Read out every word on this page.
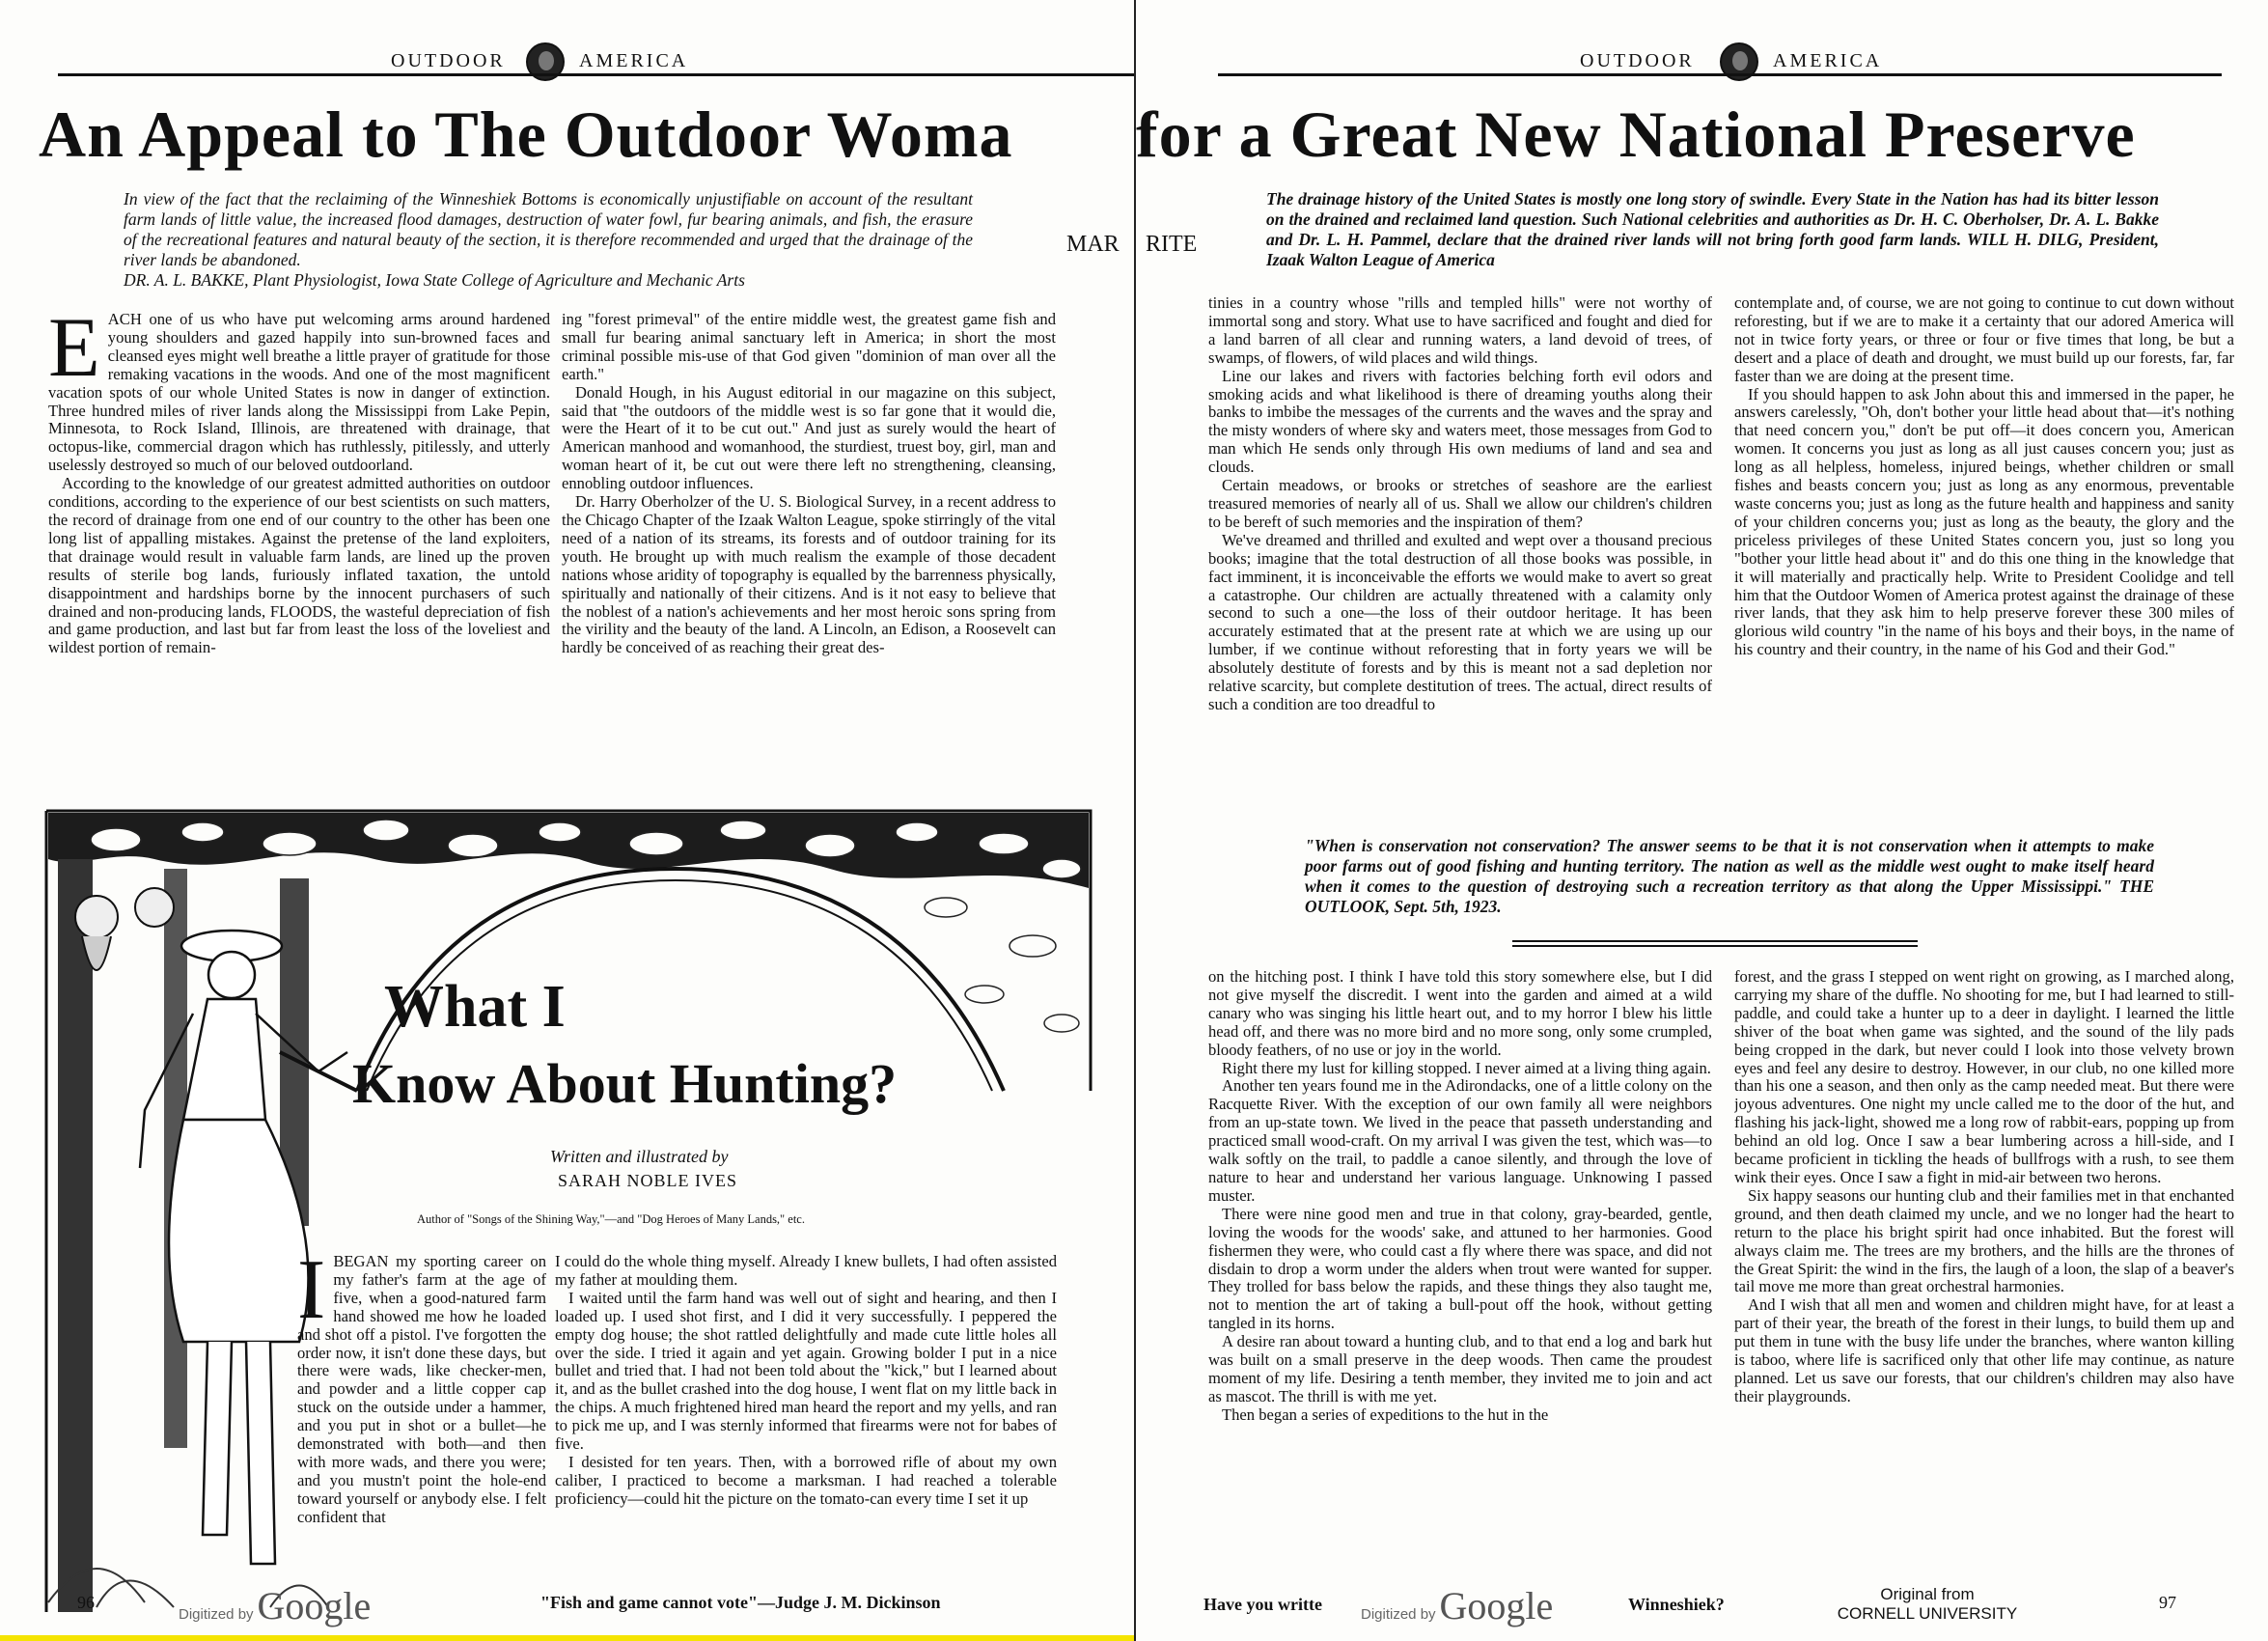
OUTDOOR	AMERICA
An Appeal to The Outdoor Woma
In view of the fact that the reclaiming of the Winneshiek Bottoms is economically unjustifiable on account of the resultant farm lands of little value, the increased flood damages, destruction of water fowl, fur bearing animals, and fish, the erasure of the recreational features and natural beauty of the section, it is therefore recommended and urged that the drainage of the river lands be abandoned.
DR. A. L. BAKKE, Plant Physiologist, Iowa State College of Agriculture and Mechanic Arts
E ACH one of us who have put welcoming arms around hardened young shoulders and gazed happily into sun-browned faces and cleansed eyes might well breathe a little prayer of gratitude for those remaking vacations in the woods. And one of the most magnificent vacation spots of our whole United States is now in danger of extinction. Three hundred miles of river lands along the Mississippi from Lake Pepin, Minnesota, to Rock Island, Illinois, are threatened with drainage, that octopus-like, commercial dragon which has ruthlessly, pitilessly, and utterly uselessly destroyed so much of our beloved outdoorland.

According to the knowledge of our greatest admitted authorities on outdoor conditions, according to the experience of our best scientists on such matters, the record of drainage from one end of our country to the other has been one long list of appalling mistakes. Against the pretense of the land exploiters, that drainage would result in valuable farm lands, are lined up the proven results of sterile bog lands, furiously inflated taxation, the untold disappointment and hardships borne by the innocent purchasers of such drained and non-producing lands, FLOODS, the wasteful depreciation of fish and game production, and last but far from least the loss of the loveliest and wildest portion of remain-

ing "forest primeval" of the entire middle west, the greatest game fish and small fur bearing animal sanctuary left in America; in short the most criminal possible mis-use of that God given "dominion of man over all the earth."

Donald Hough, in his August editorial in our magazine on this subject, said that "the outdoors of the middle west is so far gone that it would die, were the Heart of it to be cut out." And just as surely would the heart of American manhood and womanhood, the sturdiest, truest boy, girl, man and woman heart of it, be cut out were there left no strengthening, cleansing, ennobling outdoor influences.

Dr. Harry Oberholzer of the U. S. Biological Survey, in a recent address to the Chicago Chapter of the Izaak Walton League, spoke stirringly of the vital need of a nation of its streams, its forests and of outdoor training for its youth. He brought up with much realism the example of those decadent nations whose aridity of topography is equalled by the barrenness physically, spiritually and nationally of their citizens. And is it not easy to believe that the noblest of a nation's achievements and her most heroic sons spring from the virility and the beauty of the land. A Lincoln, an Edison, a Roosevelt can hardly be conceived of as reaching their great des-

What I
Know About Hunting?
Written and illustrated by
SARAH NOBLE IVES
Author of "Songs of the Shining Way,"—and "Dog Heroes of Many Lands," etc.
I BEGAN my sporting career on my father's farm at the age of five, when a good-natured farm hand showed me how he loaded and shot off a pistol. I've forgotten the order now, it isn't done these days, but there were wads, like checker-men, and powder and a little copper cap stuck on the outside under a hammer, and you put in shot or a bullet—he demonstrated with both—and then with more wads, and there you were; and you mustn't point the hole-end toward yourself or anybody else. I felt confident that

I could do the whole thing myself. Already I knew bullets, I had often assisted my father at moulding them.

I waited until the farm hand was well out of sight and hearing, and then I loaded up. I used shot first, and I did it very successfully. I peppered the empty dog house; the shot rattled delightfully and made cute little holes all over the side. I tried it again and yet again. Growing bolder I put in a nice bullet and tried that. I had not been told about the "kick," but I learned about it, and as the bullet crashed into the dog house, I went flat on my little back in the chips. A much frightened hired man heard the report and my yells, and ran to pick me up, and I was sternly informed that firearms were not for babes of five.

I desisted for ten years. Then, with a borrowed rifle of about my own caliber, I practiced to become a marksman. I had reached a tolerable proficiency—could hit the picture on the tomato-can every time I set it up

96
Digitized by Google	"Fish and game cannot vote"—Judge J. M. Dickinson
OUTDOOR	AMERICA
for a Great New National Preserve
MAR RITE
The drainage history of the United States is mostly one long story of swindle. Every State in the Nation has had its bitter lesson on the drained and reclaimed land question. Such National celebrities and authorities as Dr. H. C. Oberholser, Dr. A. L. Bakke and Dr. L. H. Pammel, declare that the drained river lands will not bring forth good farm lands. WILL H. DILG, President, Izaak Walton League of America

tinies in a country whose "rills and templed hills" were not worthy of immortal song and story. What use to have sacrificed and fought and died for a land barren of all clear and running waters, a land devoid of trees, of swamps, of flowers, of wild places and wild things.

Line our lakes and rivers with factories belching forth evil odors and smoking acids and what likelihood is there of dreaming youths along their banks to imbibe the messages of the currents and the waves and the spray and the misty wonders of where sky and waters meet, those messages from God to man which He sends only through His own mediums of land and sea and clouds.

Certain meadows, or brooks or stretches of seashore are the earliest treasured memories of nearly all of us. Shall we allow our children's children to be bereft of such memories and the inspiration of them?

We've dreamed and thrilled and exulted and wept over a thousand precious books; imagine that the total destruction of all those books was possible, in fact imminent, it is inconceivable the efforts we would make to avert so great a catastrophe. Our children are actually threatened with a calamity only second to such a one—the loss of their outdoor heritage. It has been accurately estimated that at the present rate at which we are using up our lumber, if we continue without reforesting that in forty years we will be absolutely destitute of forests and by this is meant not a sad depletion nor relative scarcity, but complete destitution of trees. The actual, direct results of such a condition are too dreadful to

contemplate and, of course, we are not going to continue to cut down without reforesting, but if we are to make it a certainty that our adored America will not in twice forty years, or three or four or five times that long, be but a desert and a place of death and drought, we must build up our forests, far, far faster than we are doing at the present time.

If you should happen to ask John about this and immersed in the paper, he answers carelessly, "Oh, don't bother your little head about that—it's nothing that need concern you," don't be put off—it does concern you, American women. It concerns you just as long as all just causes concern you; just as long as all helpless, homeless, injured beings, whether children or small fishes and beasts concern you; just as long as any enormous, preventable waste concerns you; just as long as the future health and happiness and sanity of your children concerns you; just as long as the beauty, the glory and the priceless privileges of these United States concern you, just so long you "bother your little head about it" and do this one thing in the knowledge that it will materially and practically help. Write to President Coolidge and tell him that the Outdoor Women of America protest against the drainage of these river lands, that they ask him to help preserve forever these 300 miles of glorious wild country "in the name of his boys and their boys, in the name of his country and their country, in the name of his God and their God."

"When is conservation not conservation? The answer seems to be that it is not conservation when it attempts to make poor farms out of good fishing and hunting territory. The nation as well as the middle west ought to make itself heard when it comes to the question of destroying such a recreation territory as that along the Upper Mississippi." THE OUTLOOK, Sept. 5th, 1923.

on the hitching post. I think I have told this story somewhere else, but I did not give myself the discredit. I went into the garden and aimed at a wild canary who was singing his little heart out, and to my horror I blew his little head off, and there was no more bird and no more song, only some crumpled, bloody feathers, of no use or joy in the world.

Right there my lust for killing stopped. I never aimed at a living thing again.

Another ten years found me in the Adirondacks, one of a little colony on the Racquette River. With the exception of our own family all were neighbors from an up-state town. We lived in the peace that passeth understanding and practiced small wood-craft. On my arrival I was given the test, which was—to walk softly on the trail, to paddle a canoe silently, and through the love of nature to hear and understand her various language. Unknowing I passed muster.

There were nine good men and true in that colony, gray-bearded, gentle, loving the woods for the woods' sake, and attuned to her harmonies. Good fishermen they were, who could cast a fly where there was space, and did not disdain to drop a worm under the alders when trout were wanted for supper. They trolled for bass below the rapids, and these things they also taught me, not to mention the art of taking a bull-pout off the hook, without getting tangled in its horns.

A desire ran about toward a hunting club, and to that end a log and bark hut was built on a small preserve in the deep woods. Then came the proudest moment of my life. Desiring a tenth member, they invited me to join and act as mascot. The thrill is with me yet.

Then began a series of expeditions to the hut in the

forest, and the grass I stepped on went right on growing, as I marched along, carrying my share of the duffle. No shooting for me, but I had learned to still-paddle, and could take a hunter up to a deer in daylight. I learned the little shiver of the boat when game was sighted, and the sound of the lily pads being cropped in the dark, but never could I look into those velvety brown eyes and feel any desire to destroy. However, in our club, no one killed more than his one a season, and then only as the camp needed meat. But there were joyous adventures. One night my uncle called me to the door of the hut, and flashing his jack-light, showed me a long row of rabbit-ears, popping up from behind an old log. Once I saw a bear lumbering across a hill-side, and I became proficient in tickling the heads of bullfrogs with a rush, to see them wink their eyes. Once I saw a fight in mid-air between two herons.

Six happy seasons our hunting club and their families met in that enchanted ground, and then death claimed my uncle, and we no longer had the heart to return to the place his bright spirit had once inhabited. But the forest will always claim me. The trees are my brothers, and the hills are the thrones of the Great Spirit: the wind in the firs, the laugh of a loon, the slap of a beaver's tail move me more than great orchestral harmonies.

And I wish that all men and women and children might have, for at least a part of their year, the breath of the forest in their lungs, to build them up and put them in tune with the busy life under the branches, where wanton killing is taboo, where life is sacrificed only that other life may continue, as nature planned. Let us save our forests, that our children's children may also have their playgrounds.

Have you writte
Digitized by Google	Winneshiek?
Original from
CORNELL UNIVERSITY
97
